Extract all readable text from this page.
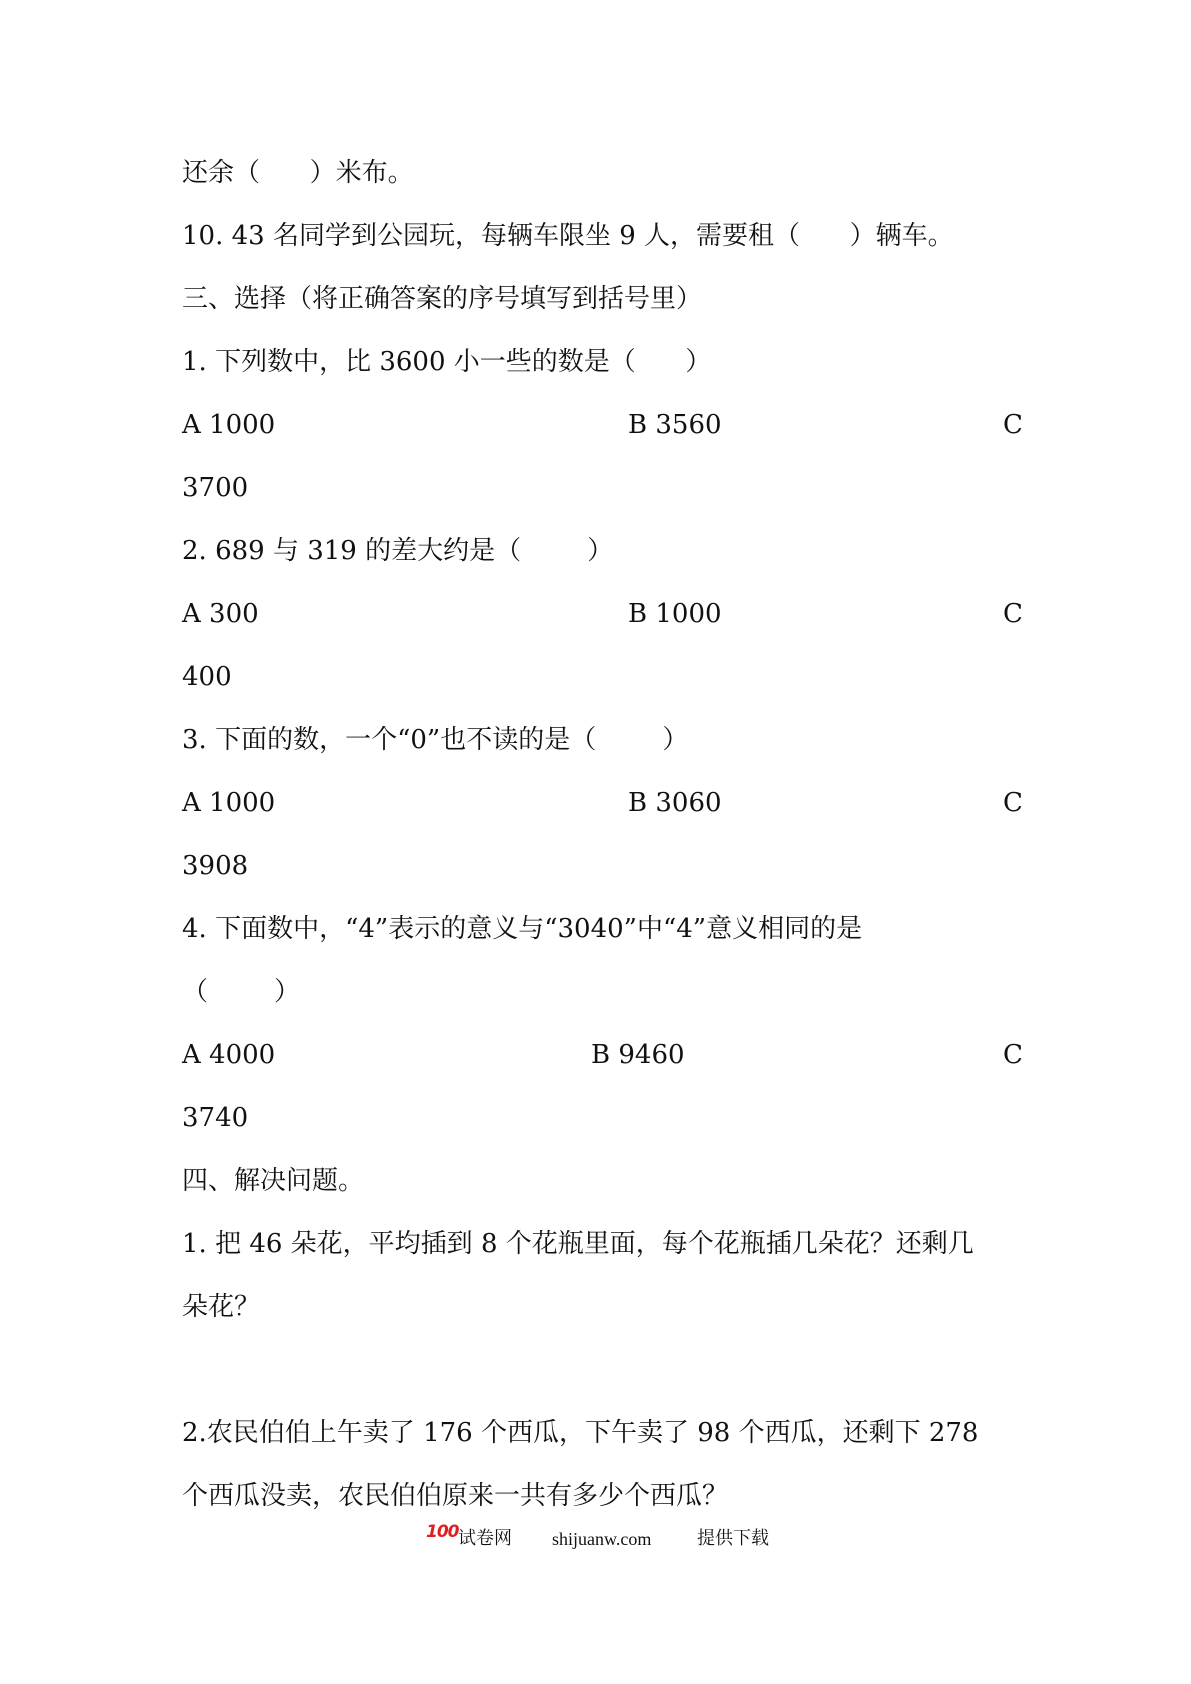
还余（      ）米布。
10. 43 名同学到公园玩，每辆车限坐 9 人，需要租（      ）辆车。
三、选择（将正确答案的序号填写到括号里）
1. 下列数中，比 3600 小一些的数是（      ）
A 1000	B 3560	C
3700
2. 689 与 319 的差大约是（        ）
A 300	B 1000	C
400
3. 下面的数，一个“0”也不读的是（        ）
A 1000	B 3060	C
3908
4. 下面数中，“4”表示的意义与“3040”中“4”意义相同的是
（        ）
A 4000	B 9460	C
3740
四、解决问题。
1. 把 46 朵花，平均插到 8 个花瓶里面，每个花瓶插几朵花？还剩几
朵花？
2.农民伯伯上午卖了 176 个西瓜，下午卖了 98 个西瓜，还剩下 278
个西瓜没卖，农民伯伯原来一共有多少个西瓜？
100 试卷网 shijuanw.com	提供下载
